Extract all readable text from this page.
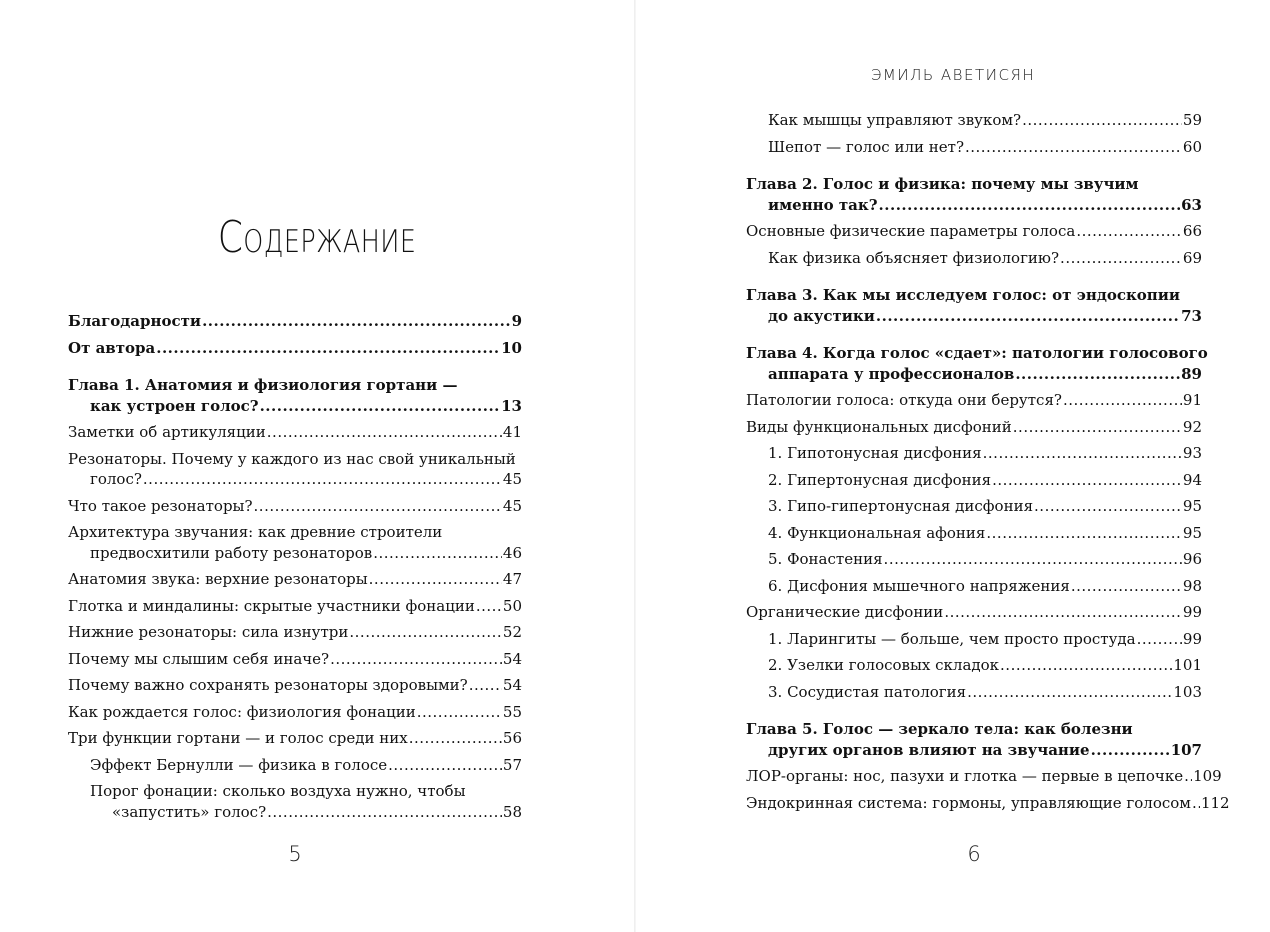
Содержание
Благодарности .....	9
От автора .....	10
Глава 1. Анатомия и физиология гортани —
как устроен голос? .....	13
Заметки об артикуляции .....	41
Резонаторы. Почему у каждого из нас свой уникальный
голос? .....	45
Что такое резонаторы? .....	45
Архитектура звучания: как древние строители
предвосхитили работу резонаторов .....	46
Анатомия звука: верхние резонаторы .....	47
Глотка и миндалины: скрытые участники фонации ..... 50
Нижние резонаторы: сила изнутри .....	52
Почему мы слышим себя иначе? .....	54
Почему важно сохранять резонаторы здоровыми? ..... 54
Как рождается голос: физиология фонации .....	55
Три функции гортани — и голос среди них .....	56
Эффект Бернулли — физика в голосе .....	57
Порог фонации: сколько воздуха нужно, чтобы
«запустить» голос? .....	58
5
ЭМИЛЬ АВЕТИСЯН
Как мышцы управляют звуком? .....	59
Шепот — голос или нет? .....	60
Глава 2. Голос и физика: почему мы звучим
именно так? .....	63
Основные физические параметры голоса .....	66
Как физика объясняет физиологию? .....	69
Глава 3. Как мы исследуем голос: от эндоскопии
до акустики .....	73
Глава 4. Когда голос «сдает»: патологии голосового
аппарата у профессионалов .....	89
Патологии голоса: откуда они берутся? .....	91
Виды функциональных дисфоний .....	92
1. Гипотонусная дисфония .....	93
2. Гипертонусная дисфония .....	94
3. Гипо-гипертонусная дисфония .....	95
4. Функциональная афония .....	95
5. Фонастения .....	96
6. Дисфония мышечного напряжения .....	98
Органические дисфонии .....	99
1. Ларингиты — больше, чем просто простуда .....	99
2. Узелки голосовых складок .....	101
3. Сосудистая патология .....	103
Глава 5. Голос — зеркало тела: как болезни
других органов влияют на звучание .....	107
ЛОР-органы: нос, пазухи и глотка — первые в цепочке ..... 109
Эндокринная система: гормоны, управляющие голосом ..... 112
6
